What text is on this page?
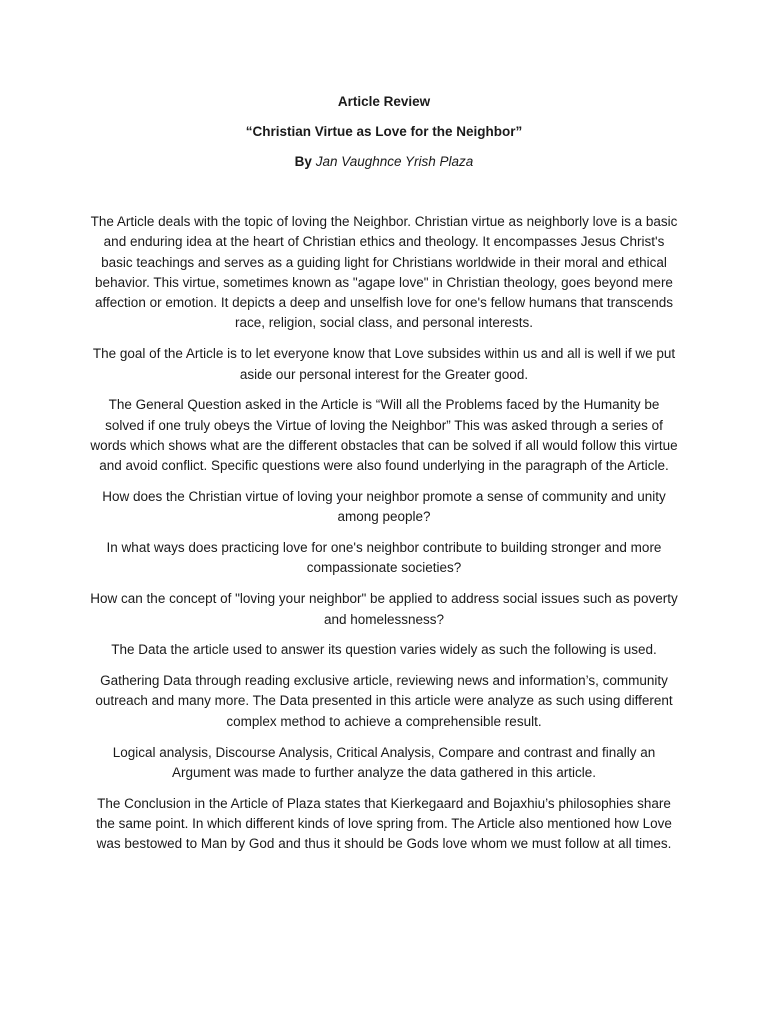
Article Review
“Christian Virtue as Love for the Neighbor”
By Jan Vaughnce Yrish Plaza

The Article deals with the topic of loving the Neighbor. Christian virtue as neighborly love is a basic and enduring idea at the heart of Christian ethics and theology. It encompasses Jesus Christ's basic teachings and serves as a guiding light for Christians worldwide in their moral and ethical behavior. This virtue, sometimes known as "agape love" in Christian theology, goes beyond mere affection or emotion. It depicts a deep and unselfish love for one's fellow humans that transcends race, religion, social class, and personal interests.

The goal of the Article is to let everyone know that Love subsides within us and all is well if we put aside our personal interest for the Greater good.

The General Question asked in the Article is “Will all the Problems faced by the Humanity be solved if one truly obeys the Virtue of loving the Neighbor” This was asked through a series of words which shows what are the different obstacles that can be solved if all would follow this virtue and avoid conflict. Specific questions were also found underlying in the paragraph of the Article.

How does the Christian virtue of loving your neighbor promote a sense of community and unity among people?

In what ways does practicing love for one's neighbor contribute to building stronger and more compassionate societies?

How can the concept of "loving your neighbor" be applied to address social issues such as poverty and homelessness?

The Data the article used to answer its question varies widely as such the following is used.

Gathering Data through reading exclusive article, reviewing news and information’s, community outreach and many more. The Data presented in this article were analyze as such using different complex method to achieve a comprehensible result.

Logical analysis, Discourse Analysis, Critical Analysis, Compare and contrast and finally an Argument was made to further analyze the data gathered in this article.

The Conclusion in the Article of Plaza states that Kierkegaard and Bojaxhiu’s philosophies share the same point. In which different kinds of love spring from. The Article also mentioned how Love was bestowed to Man by God and thus it should be Gods love whom we must follow at all times.
